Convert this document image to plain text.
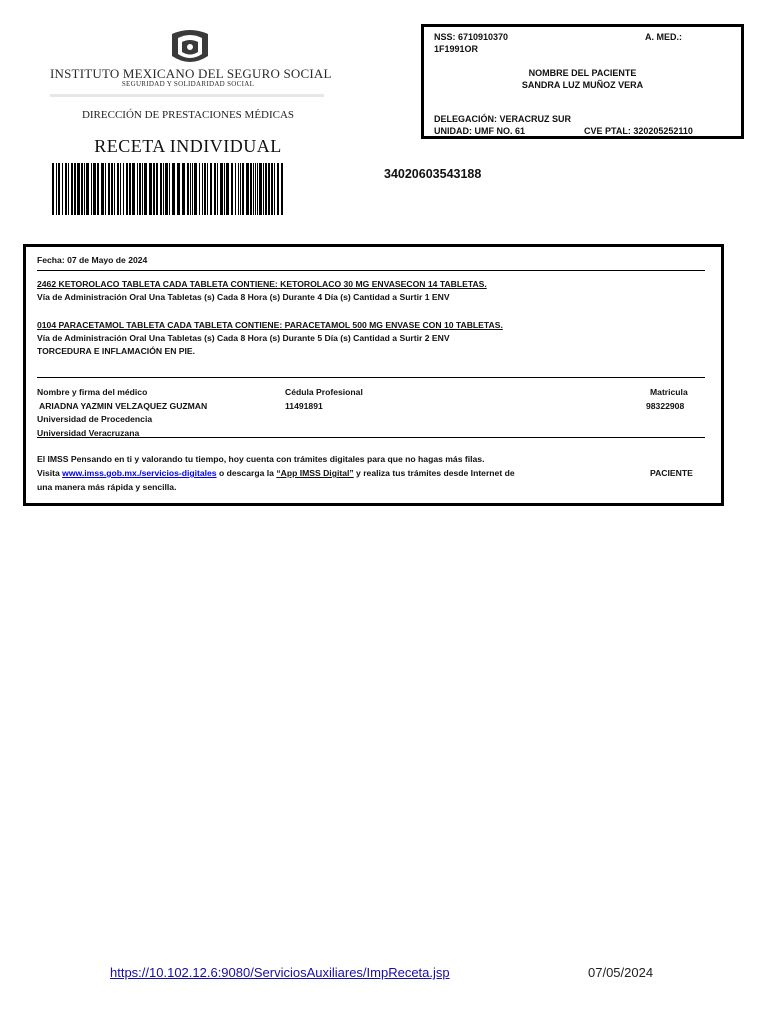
INSTITUTO MEXICANO DEL SEGURO SOCIAL
SEGURIDAD Y SOLIDARIDAD SOCIAL
DIRECCIÓN DE PRESTACIONES MÉDICAS
RECETA INDIVIDUAL
34020603543188
NSS: 6710910370	A. MED.:
1F1991OR
NOMBRE DEL PACIENTE
SANDRA LUZ MUÑOZ VERA
DELEGACIÓN: VERACRUZ SUR
UNIDAD: UMF NO. 61	CVE PTAL: 320205252110
Fecha: 07 de Mayo de 2024
2462 KETOROLACO TABLETA CADA TABLETA CONTIENE: KETOROLACO 30 MG ENVASECON 14 TABLETAS.
Vía de Administración Oral Una Tabletas (s) Cada 8 Hora (s) Durante 4 Día (s) Cantidad a Surtir 1 ENV
0104 PARACETAMOL TABLETA CADA TABLETA CONTIENE: PARACETAMOL 500 MG ENVASE CON 10 TABLETAS.
Vía de Administración Oral Una Tabletas (s) Cada 8 Hora (s) Durante 5 Día (s) Cantidad a Surtir 2 ENV
TORCEDURA E INFLAMACIÓN EN PIE.
Nombre y firma del médico	Cédula Profesional	Matricula
ARIADNA YAZMIN VELZAQUEZ GUZMAN	11491891	98322908
Universidad de Procedencia
Universidad Veracruzana
El IMSS Pensando en ti y valorando tu tiempo, hoy cuenta con trámites digitales para que no hagas más filas.
Visita www.imss.gob.mx./servicios-digitales o descarga la “App IMSS Digital” y realiza tus trámites desde Internet de
una manera más rápida y sencilla.
PACIENTE
https://10.102.12.6:9080/ServiciosAuxiliares/ImpReceta.jsp	07/05/2024
